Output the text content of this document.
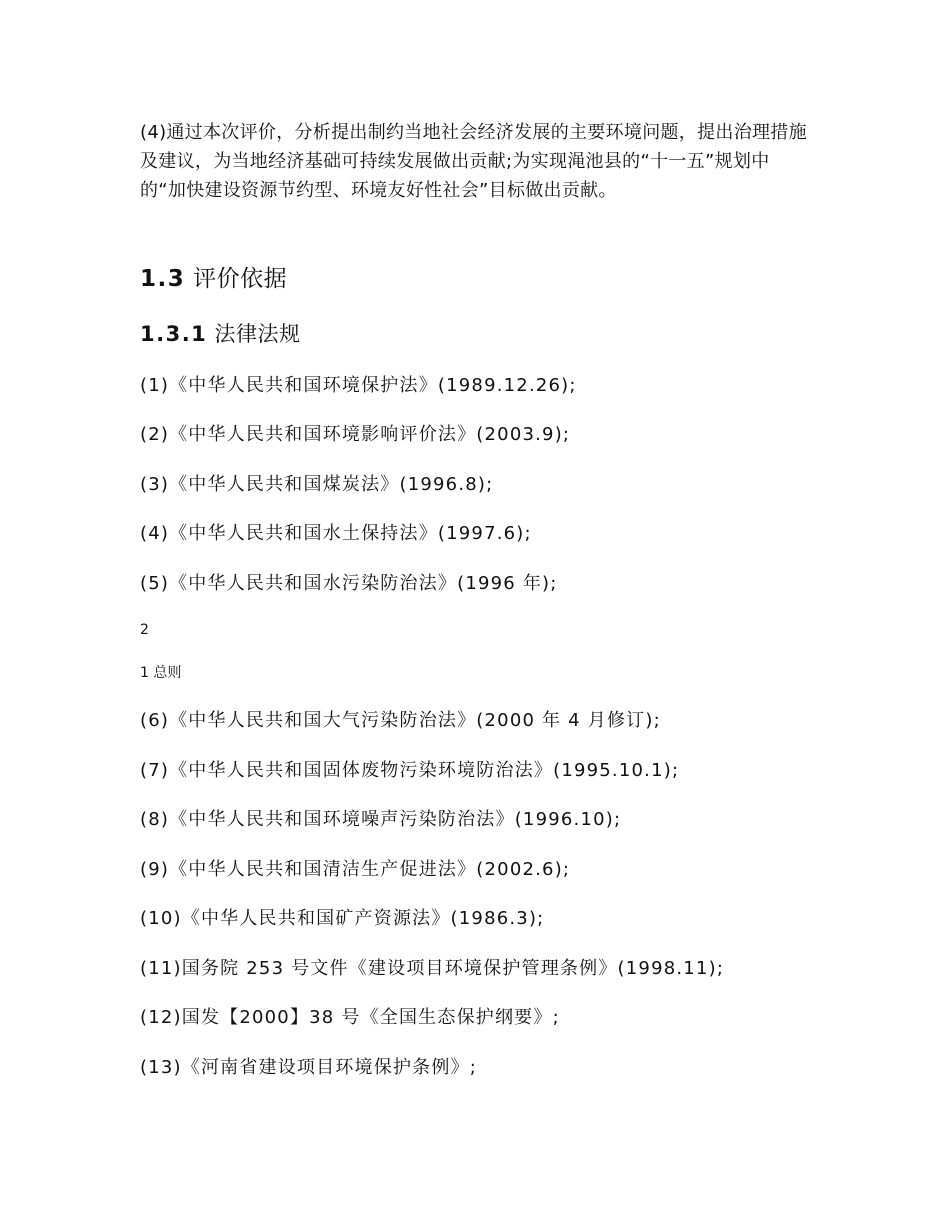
(4)通过本次评价，分析提出制约当地社会经济发展的主要环境问题，提出治理措施及建议，为当地经济基础可持续发展做出贡献;为实现渑池县的“十一五”规划中的“加快建设资源节约型、环境友好性社会”目标做出贡献。
1.3 评价依据
1.3.1 法律法规
(1)《中华人民共和国环境保护法》(1989.12.26);
(2)《中华人民共和国环境影响评价法》(2003.9);
(3)《中华人民共和国煤炭法》(1996.8);
(4)《中华人民共和国水土保持法》(1997.6);
(5)《中华人民共和国水污染防治法》(1996 年);
2
1 总则
(6)《中华人民共和国大气污染防治法》(2000 年 4 月修订);
(7)《中华人民共和国固体废物污染环境防治法》(1995.10.1);
(8)《中华人民共和国环境噪声污染防治法》(1996.10);
(9)《中华人民共和国清洁生产促进法》(2002.6);
(10)《中华人民共和国矿产资源法》(1986.3);
(11)国务院 253 号文件《建设项目环境保护管理条例》(1998.11);
(12)国发【2000】38 号《全国生态保护纲要》;
(13)《河南省建设项目环境保护条例》;
